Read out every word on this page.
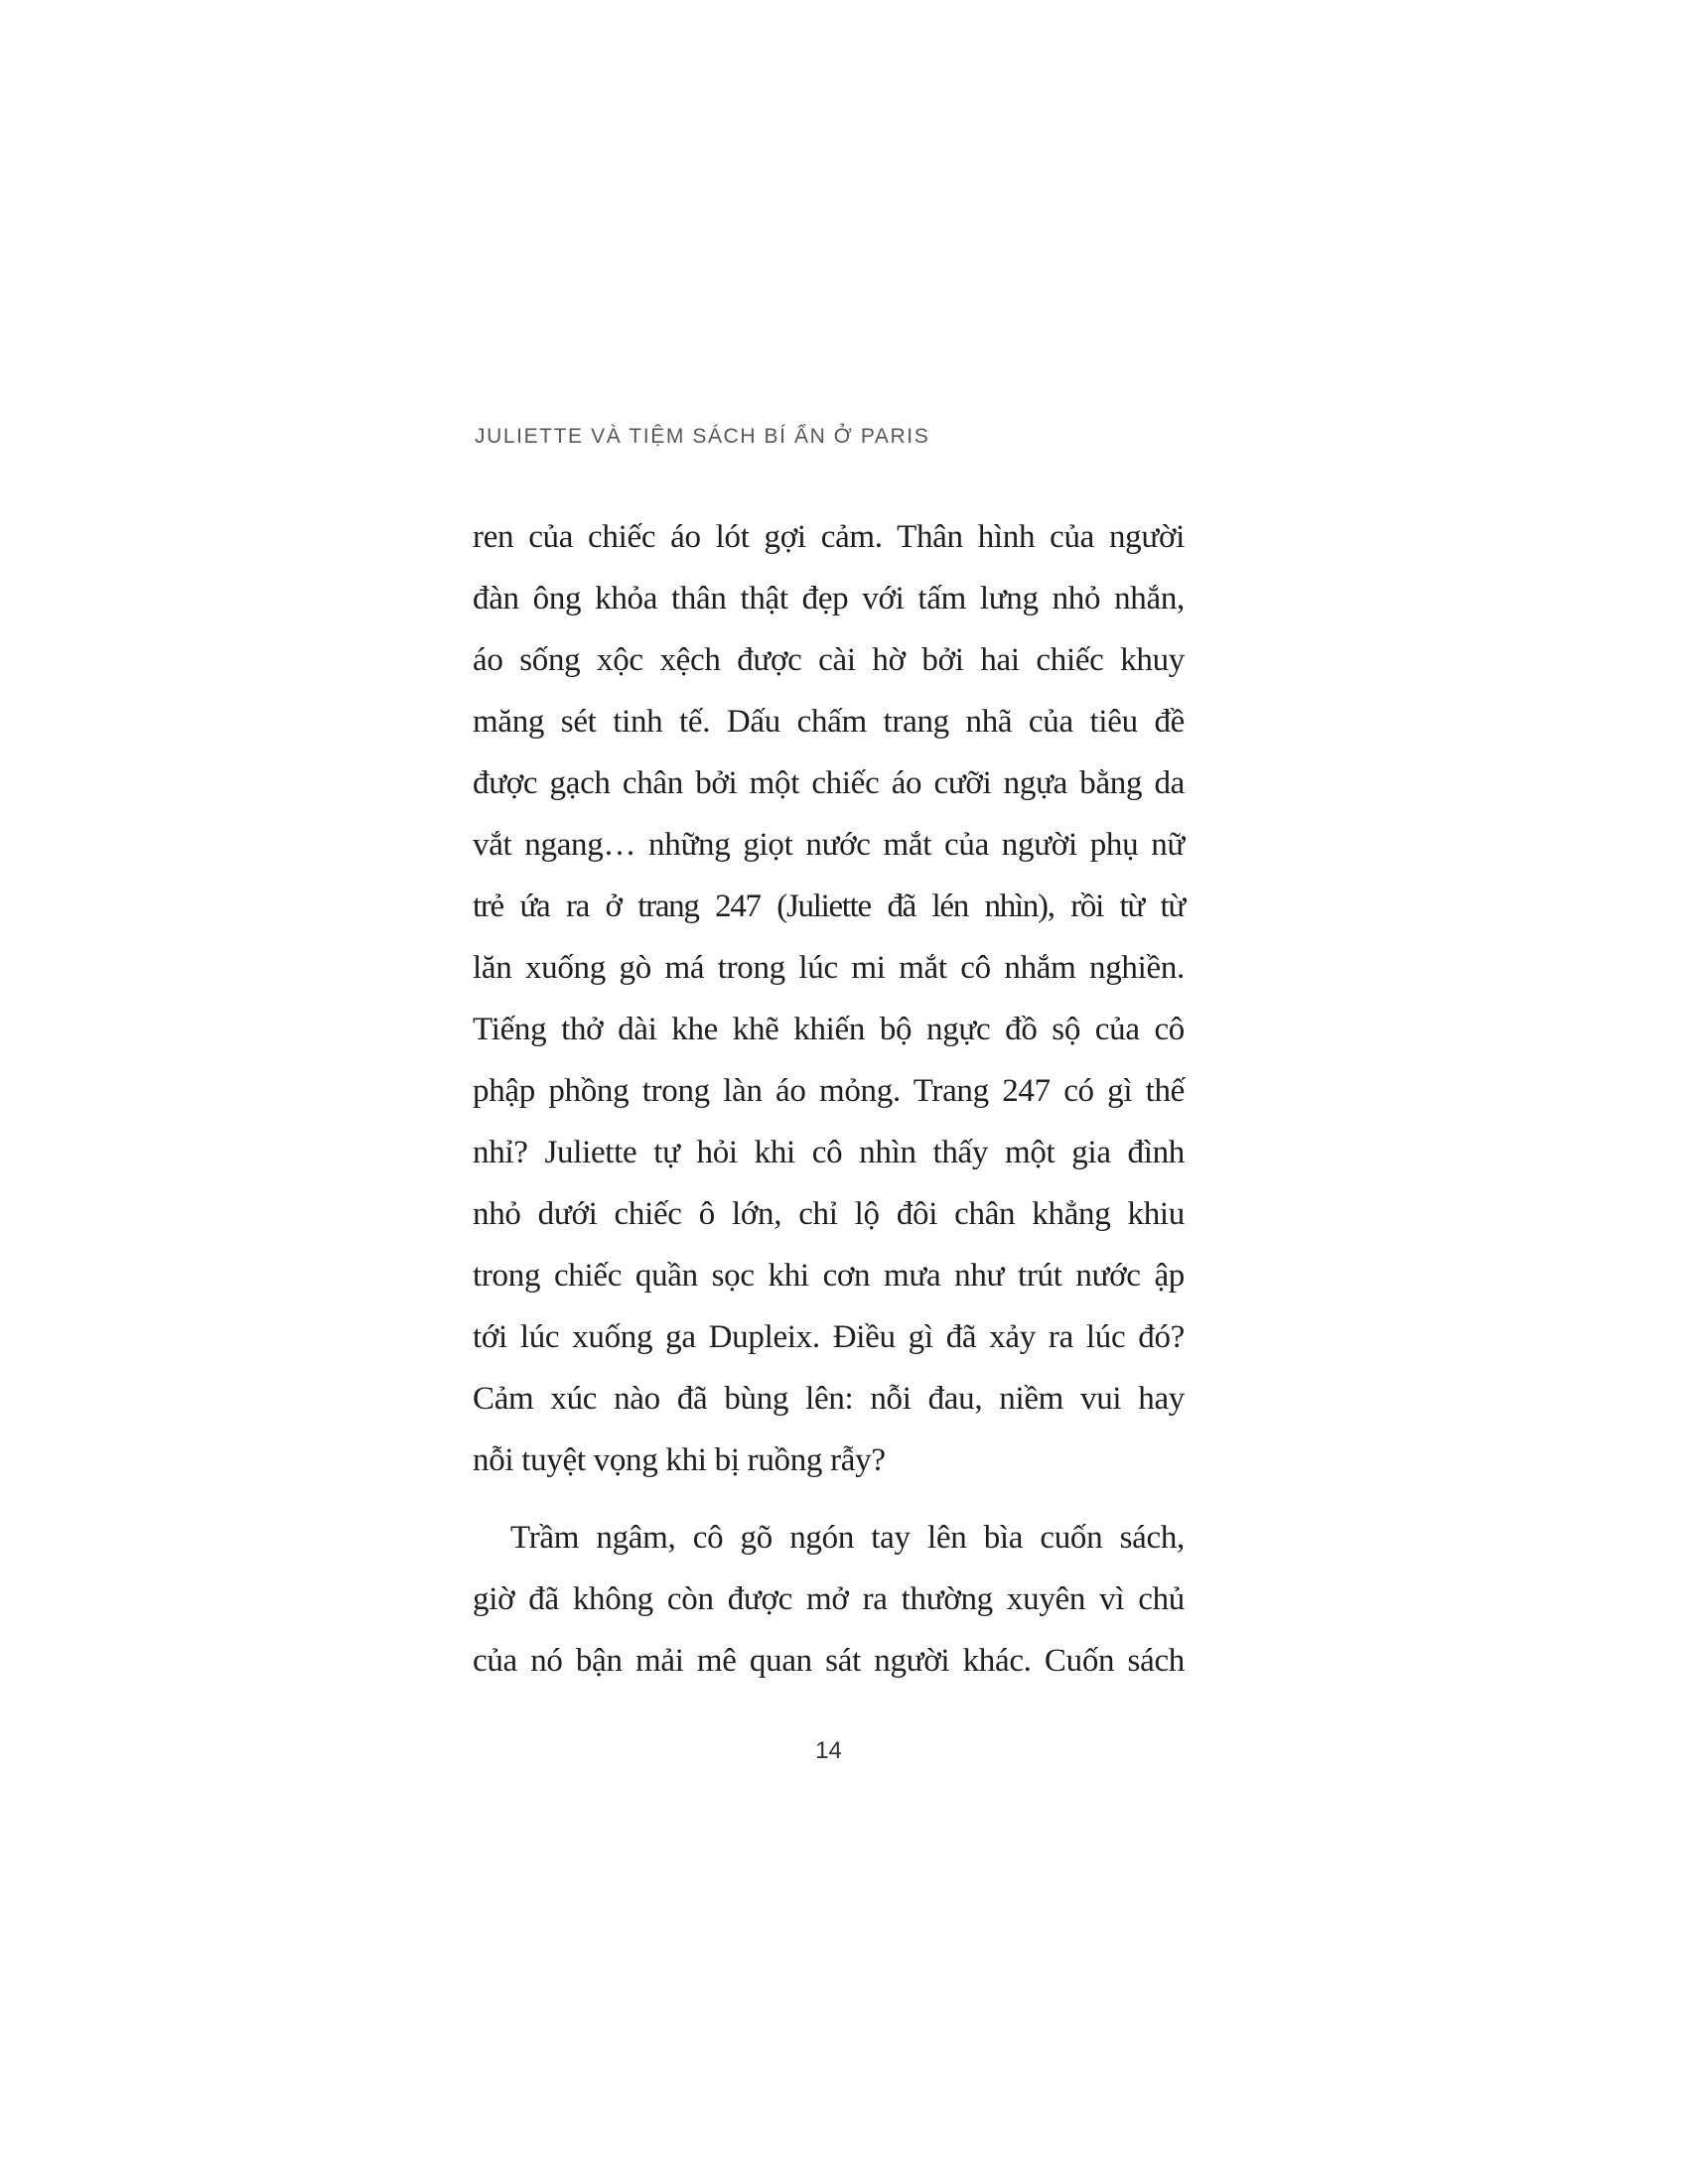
JULIETTE VÀ TIỆM SÁCH BÍ ẨN Ở PARIS
ren của chiếc áo lót gợi cảm. Thân hình của người
đàn ông khỏa thân thật đẹp với tấm lưng nhỏ nhắn,
áo sống xộc xệch được cài hờ bởi hai chiếc khuy
măng sét tinh tế. Dấu chấm trang nhã của tiêu đề
được gạch chân bởi một chiếc áo cưỡi ngựa bằng da
vắt ngang… những giọt nước mắt của người phụ nữ
trẻ ứa ra ở trang 247 (Juliette đã lén nhìn), rồi từ từ
lăn xuống gò má trong lúc mi mắt cô nhắm nghiền.
Tiếng thở dài khe khẽ khiến bộ ngực đồ sộ của cô
phập phồng trong làn áo mỏng. Trang 247 có gì thế
nhỉ? Juliette tự hỏi khi cô nhìn thấy một gia đình
nhỏ dưới chiếc ô lớn, chỉ lộ đôi chân khẳng khiu
trong chiếc quần sọc khi cơn mưa như trút nước ập
tới lúc xuống ga Dupleix. Điều gì đã xảy ra lúc đó?
Cảm xúc nào đã bùng lên: nỗi đau, niềm vui hay
nỗi tuyệt vọng khi bị ruồng rẫy?
Trầm ngâm, cô gõ ngón tay lên bìa cuốn sách,
giờ đã không còn được mở ra thường xuyên vì chủ
của nó bận mải mê quan sát người khác. Cuốn sách
14
